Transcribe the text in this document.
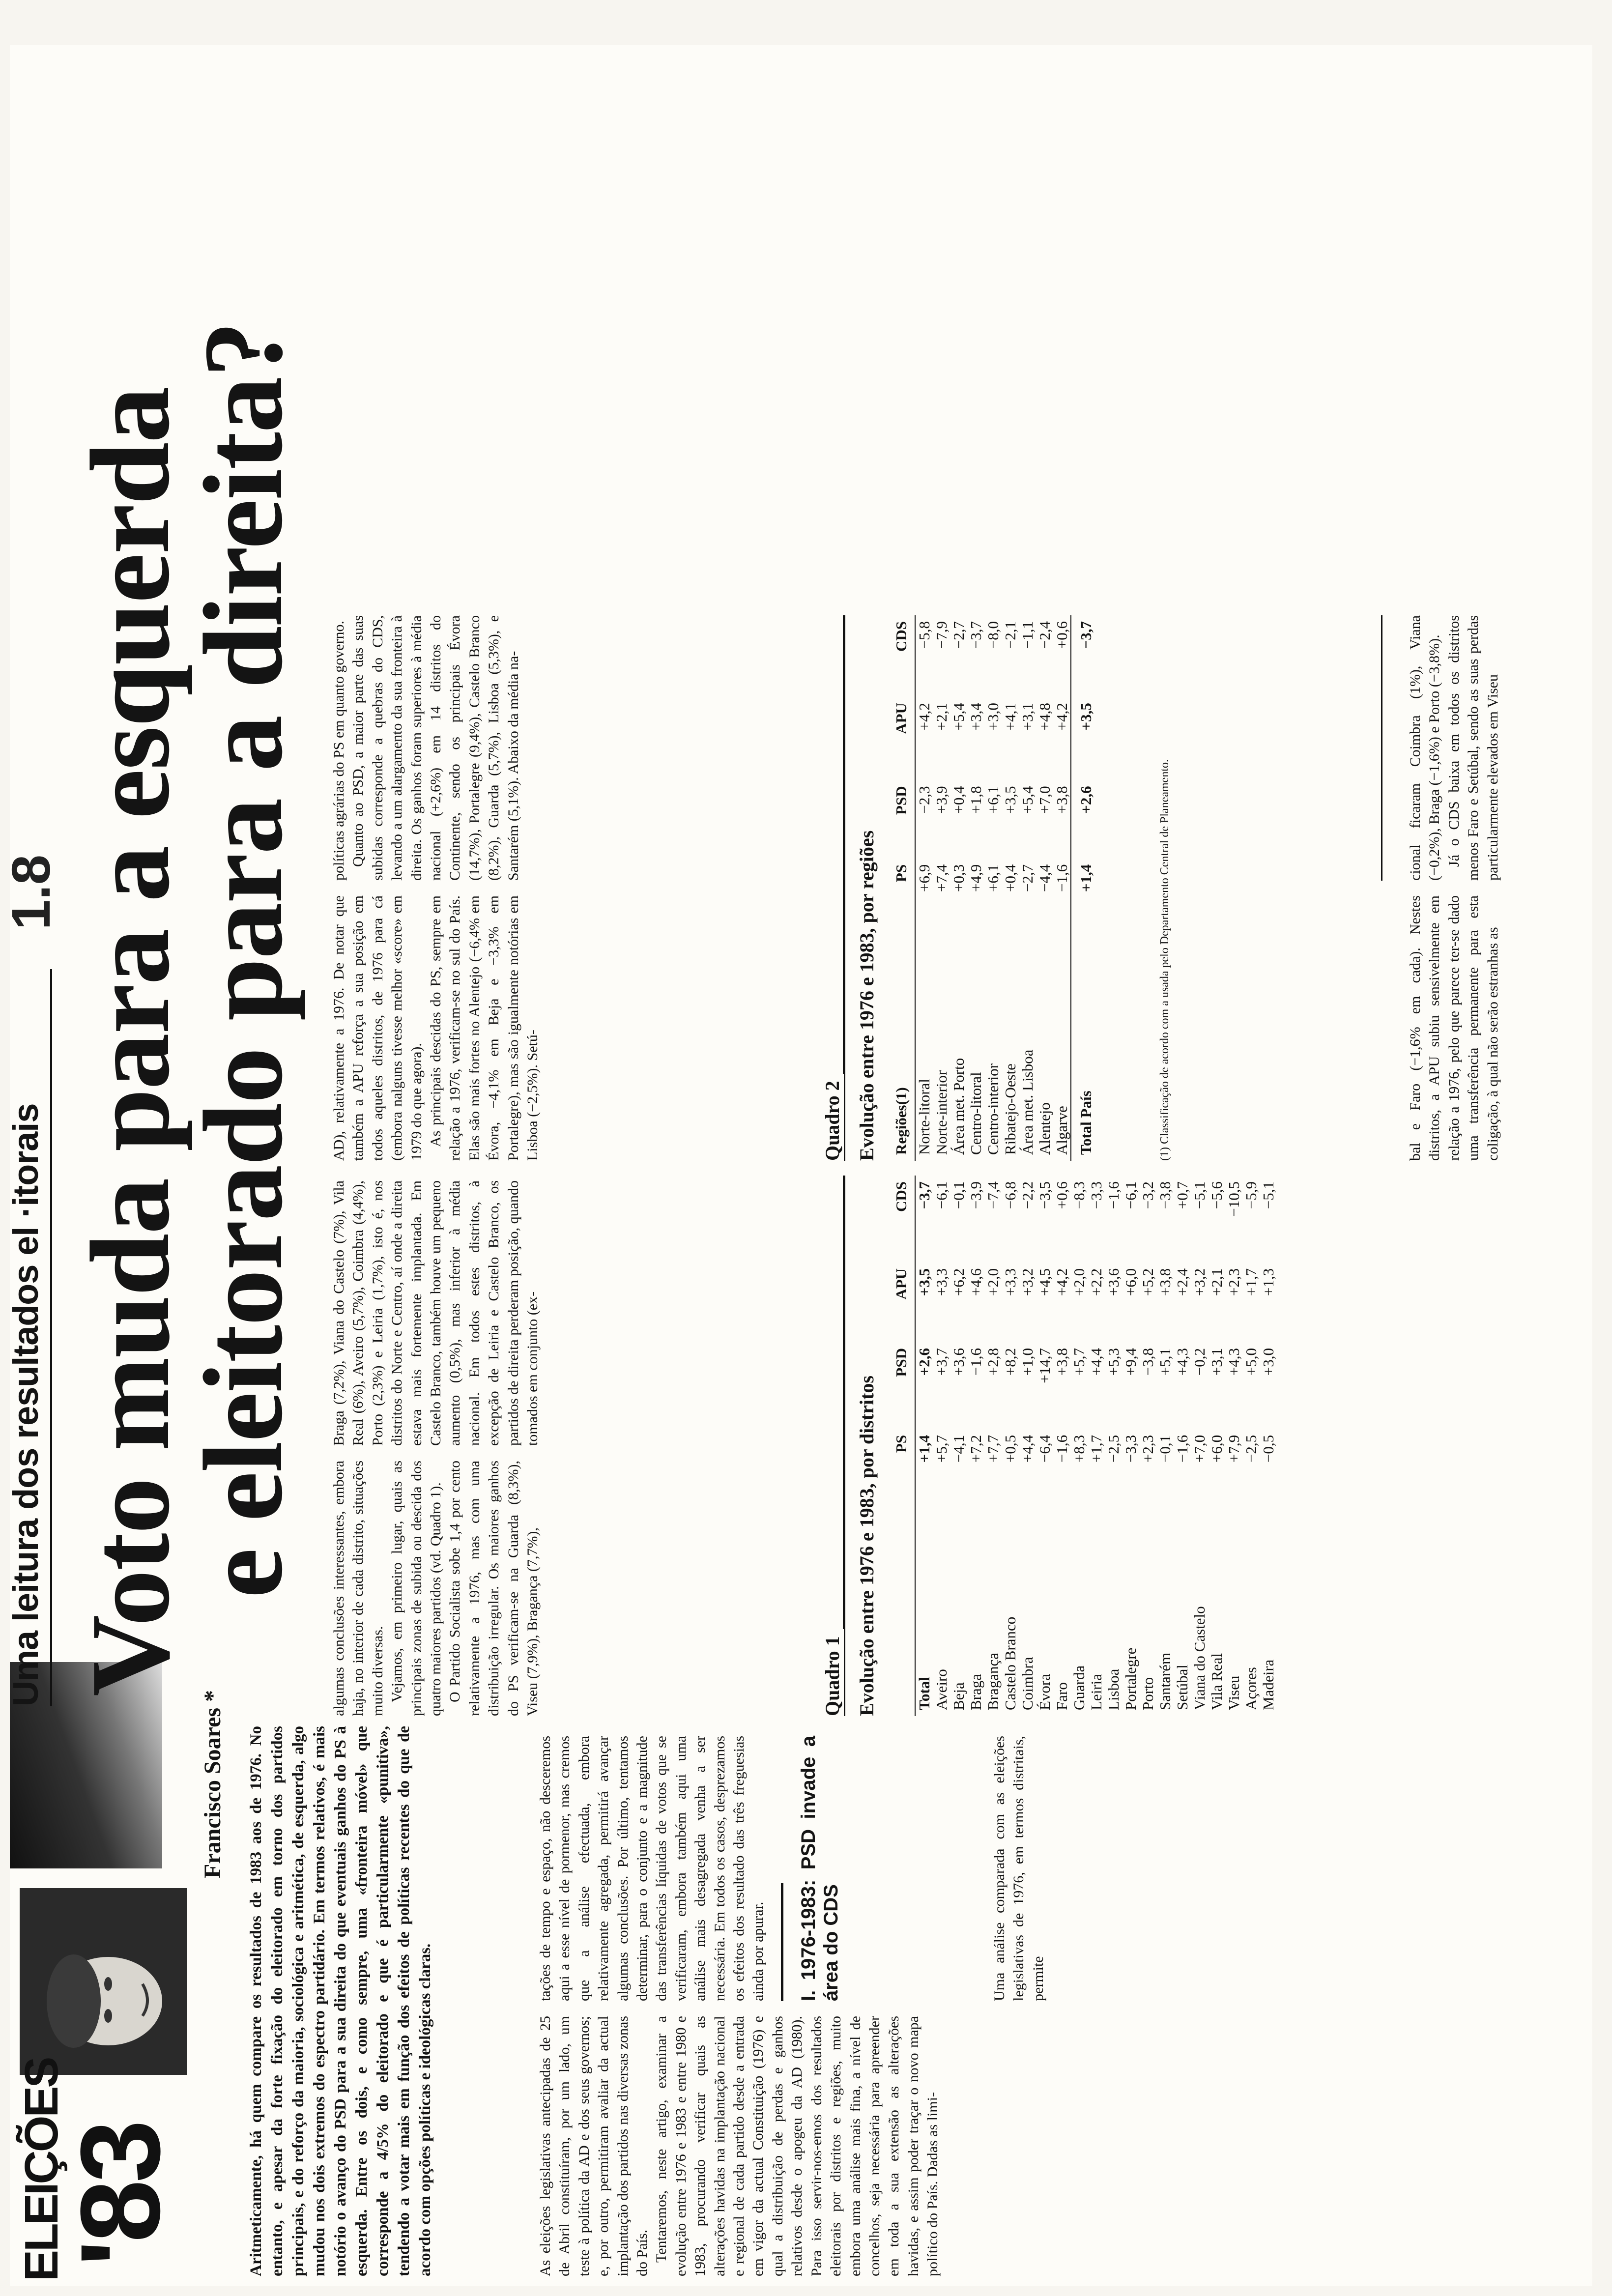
ELEIÇÕES
'83
Uma leitura dos resultados el ·itorais
1.8 Voto muda para a esquerda
e eleitorado para a direita?
Francisco Soares * Aritmeticamente, há quem compare os resultados de 1983 aos de 1976. No entanto, e apesar da forte fixação do eleitorado em torno dos partidos principais, e do reforço da maioria, sociológica e aritmética, de esquerda, algo mudou nos dois extremos do espectro partidário. Em termos relativos, é mais notório o avanço do PSD para a sua direita do que eventuais ganhos do PS à esquerda. Entre os dois, e como sempre, uma «fronteira móvel» que corresponde a 4/5% do eleitorado e que é particularmente «punitiva», tendendo a votar mais em função dos efeitos de políticas recentes do que de acordo com opções políticas e ideológicas claras.	As eleições legislativas antecipadas de 25 de Abril constituíram, por um lado, um teste à política da AD e dos seus governos; e, por outro, permitiram avaliar da actual implantação dos partidos nas diversas zonas do País. Tentaremos, neste artigo, examinar a evolução entre 1976 e 1983 e entre 1980 e 1983, procurando verificar quais as alterações havidas na implantação nacional e regional de cada partido desde a entrada em vigor da actual Constituição (1976) e qual a distribuição de perdas e ganhos relativos desde o apogeu da AD (1980). Para isso servir-nos-emos dos resultados eleitorais por distritos e regiões, muito embora uma análise mais fina, a nível de concelhos, seja necessária para apreender em toda a sua extensão as alterações havidas, e assim poder traçar o novo mapa político do País. Dadas as limi-

tações de tempo e espaço, não desceremos aqui a esse nível de pormenor, mas cremos que a análise efectuada, embora relativamente agregada, permitirá avançar algumas conclusões. Por último, tentamos determinar, para o conjunto e a magnitude das transferências líquidas de votos que se verificaram, embora também aqui uma análise mais desagregada venha a ser necessária. Em todos os casos, desprezamos os efeitos dos resultado das três freguesias ainda por apurar. I. 1976-1983: PSD invade a área do CDS	Uma análise comparada com as eleições legislativas de 1976, em termos distritais, permite

algumas conclusões interessantes, embora haja, no interior de cada distrito, situações muito diversas. Vejamos, em primeiro lugar, quais as principais zonas de subida ou descida dos quatro maiores partidos (vd. Quadro 1). O Partido Socialista sobe 1,4 por cento relativamente a 1976, mas com uma distribuição irregular. Os maiores ganhos do PS verificam-se na Guarda (8,3%), Viseu (7,9%), Bragança (7,7%),

Braga (7,2%), Viana do Castelo (7%), Vila Real (6%), Aveiro (5,7%), Coimbra (4,4%), Porto (2,3%) e Leiria (1,7%), isto é, nos distritos do Norte e Centro, aí onde a direita estava mais fortemente implantada. Em Castelo Branco, também houve um pequeno aumento (0,5%), mas inferior à média nacional. Em todos estes distritos, à excepção de Leiria e Castelo Branco, os partidos de direita perderam posição, quando tomados em conjunto (ex-

AD), relativamente a 1976. De notar que também a APU reforça a sua posição em todos aqueles distritos, de 1976 para cá (embora nalguns tivesse melhor «score» em 1979 do que agora). As principais descidas do PS, sempre em relação a 1976, verificam-se no sul do País. Elas são mais fortes no Alentejo (−6,4% em Évora, −4,1% em Beja e −3,3% em Portalegre), mas são igualmente notórias em Lisboa (−2,5%). Setú-

políticas agrárias do PS em quanto governo. Quanto ao PSD, a maior parte das suas subidas corresponde a quebras do CDS, levando a um alargamento da sua fronteira à direita. Os ganhos foram superiores à média nacional (+2,6%) em 14 distritos do Continente, sendo os principais Évora (14,7%), Portalegre (9,4%), Castelo Branco (8,2%), Guarda (5,7%), Lisboa (5,3%), e Santarém (5,1%). Abaixo da média na-

Quadro 1 Evolução entre 1976 e 1983, por distritos
	PS	PSD	APU	CDS
Total	+1,4	+2,6	+3,5	−3,7
Aveiro	+5,7	+3,7	+3,3	−6,1
Beja	−4,1	+3,6	+6,2	−0,1
Braga	+7,2	−1,6	+4,6	−3,9
Bragança	+7,7	+2,8	+2,0	−7,4
Castelo Branco	+0,5	+8,2	+3,3	−6,8
Coimbra	+4,4	+1,0	+3,2	−2,2
Évora	−6,4	+14,7	+4,5	−3,5
Faro	−1,6	+3,8	+4,2	+0,6
Guarda	+8,3	+5,7	+2,0	−8,3
Leiria	+1,7	+4,4	+2,2	−3,3
Lisboa	−2,5	+5,3	+3,6	−1,6
Portalegre	−3,3	+9,4	+6,0	−6,1
Porto	+2,3	−3,8	+5,2	−3,2
Santarém	−0,1	+5,1	+3,8	−3,8
Setúbal	−1,6	+4,3	+2,4	+0,7
Viana do Castelo	+7,0	−0,2	+3,2	−5,1
Vila Real	+6,0	+3,1	+2,1	−5,6
Viseu	+7,9	+4,3	+2,3	−10,5
Açores	−2,5	+5,0	+1,7	−5,9
Madeira	−0,5	+3,0	+1,3	−5,1
Quadro 2 Evolução entre 1976 e 1983, por regiões Regiões(1)	PS	PSD	APU	CDS
Norte-litoral	+6,9	−2,3	+4,2	−5,8
Norte-interior	+7,4	+3,9	+2,1	−7,9
Área met. Porto	+0,3	+0,4	+5,4	−2,7
Centro-litoral	+4,9	+1,8	+3,4	−3,7
Centro-interior	+6,1	+6,1	+3,0	−8,0
Ribatejo-Oeste	+0,4	+3,5	+4,1	−2,1
Área met. Lisboa	−2,7	+5,4	+3,1	−1,1
Alentejo	−4,4	+7,0	+4,8	−2,4
Algarve	−1,6	+3,8	+4,2	+0,6
Total País	+1,4	+2,6	+3,5	−3,7
(1) Classificação de acordo com a usada pelo Departamento Central de Planeamento.	bal e Faro (−1,6% em cada). Nestes distritos, a APU subiu sensivelmente em relação a 1976, pelo que parece ter-se dado uma transferência permanente para esta coligação, à qual não serão estranhas as

cional ficaram Coimbra (1%), Viana (−0,2%), Braga (−1,6%) e Porto (−3,8%). Já o CDS baixa em todos os distritos menos Faro e Setúbal, sendo as suas perdas particularmente elevados em Viseu
